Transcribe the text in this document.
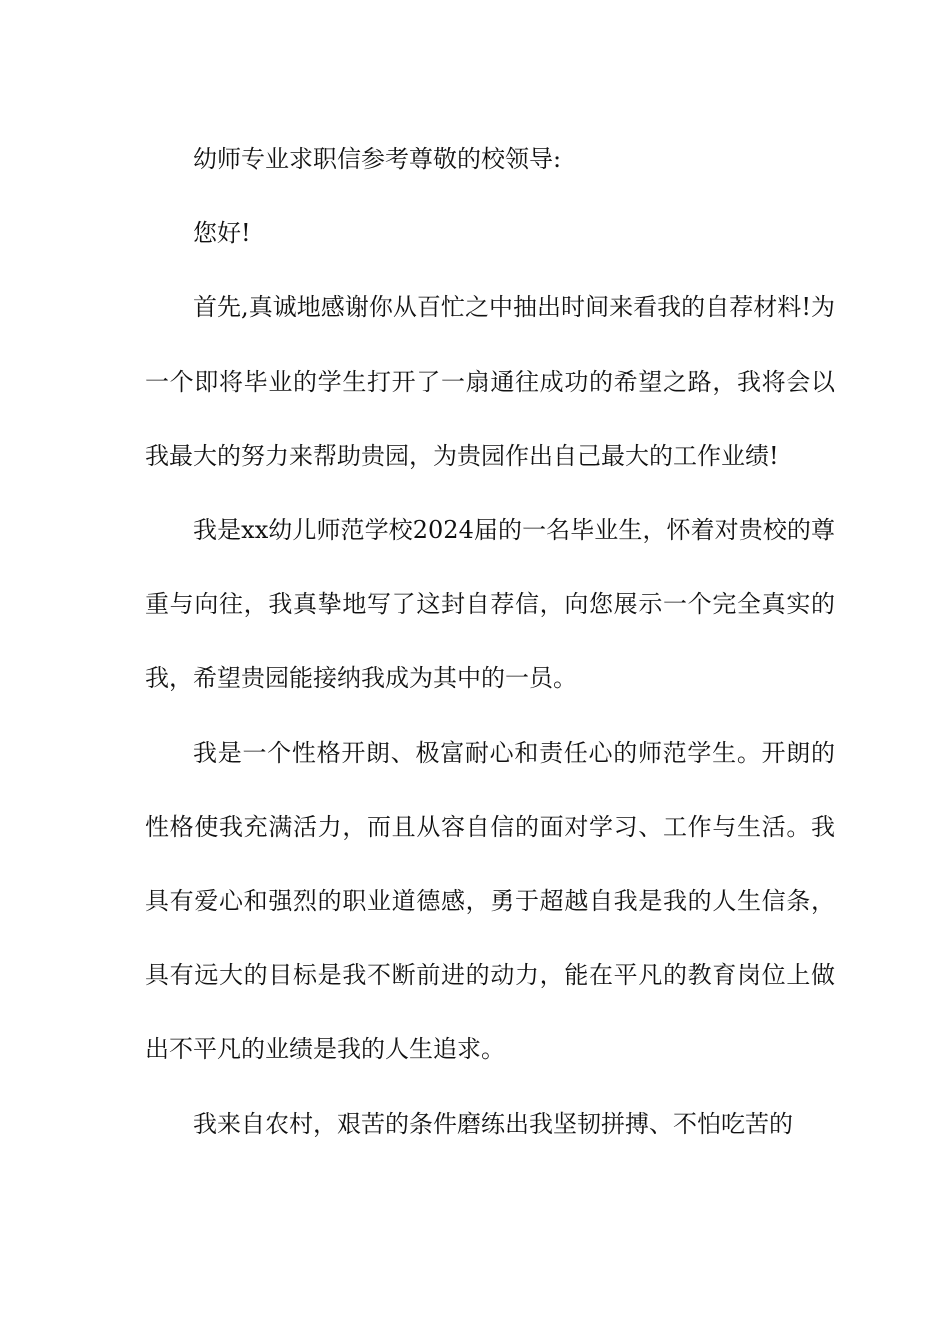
幼师专业求职信参考尊敬的校领导:

您好!

首先,真诚地感谢你从百忙之中抽出时间来看我的自荐材料!为一个即将毕业的学生打开了一扇通往成功的希望之路，我将会以我最大的努力来帮助贵园，为贵园作出自己最大的工作业绩!

我是xx幼儿师范学校2024届的一名毕业生，怀着对贵校的尊重与向往，我真挚地写了这封自荐信，向您展示一个完全真实的我，希望贵园能接纳我成为其中的一员。

我是一个性格开朗、极富耐心和责任心的师范学生。开朗的性格使我充满活力，而且从容自信的面对学习、工作与生活。我具有爱心和强烈的职业道德感，勇于超越自我是我的人生信条，具有远大的目标是我不断前进的动力，能在平凡的教育岗位上做出不平凡的业绩是我的人生追求。

我来自农村，艰苦的条件磨练出我坚韧拼搏、不怕吃苦的
